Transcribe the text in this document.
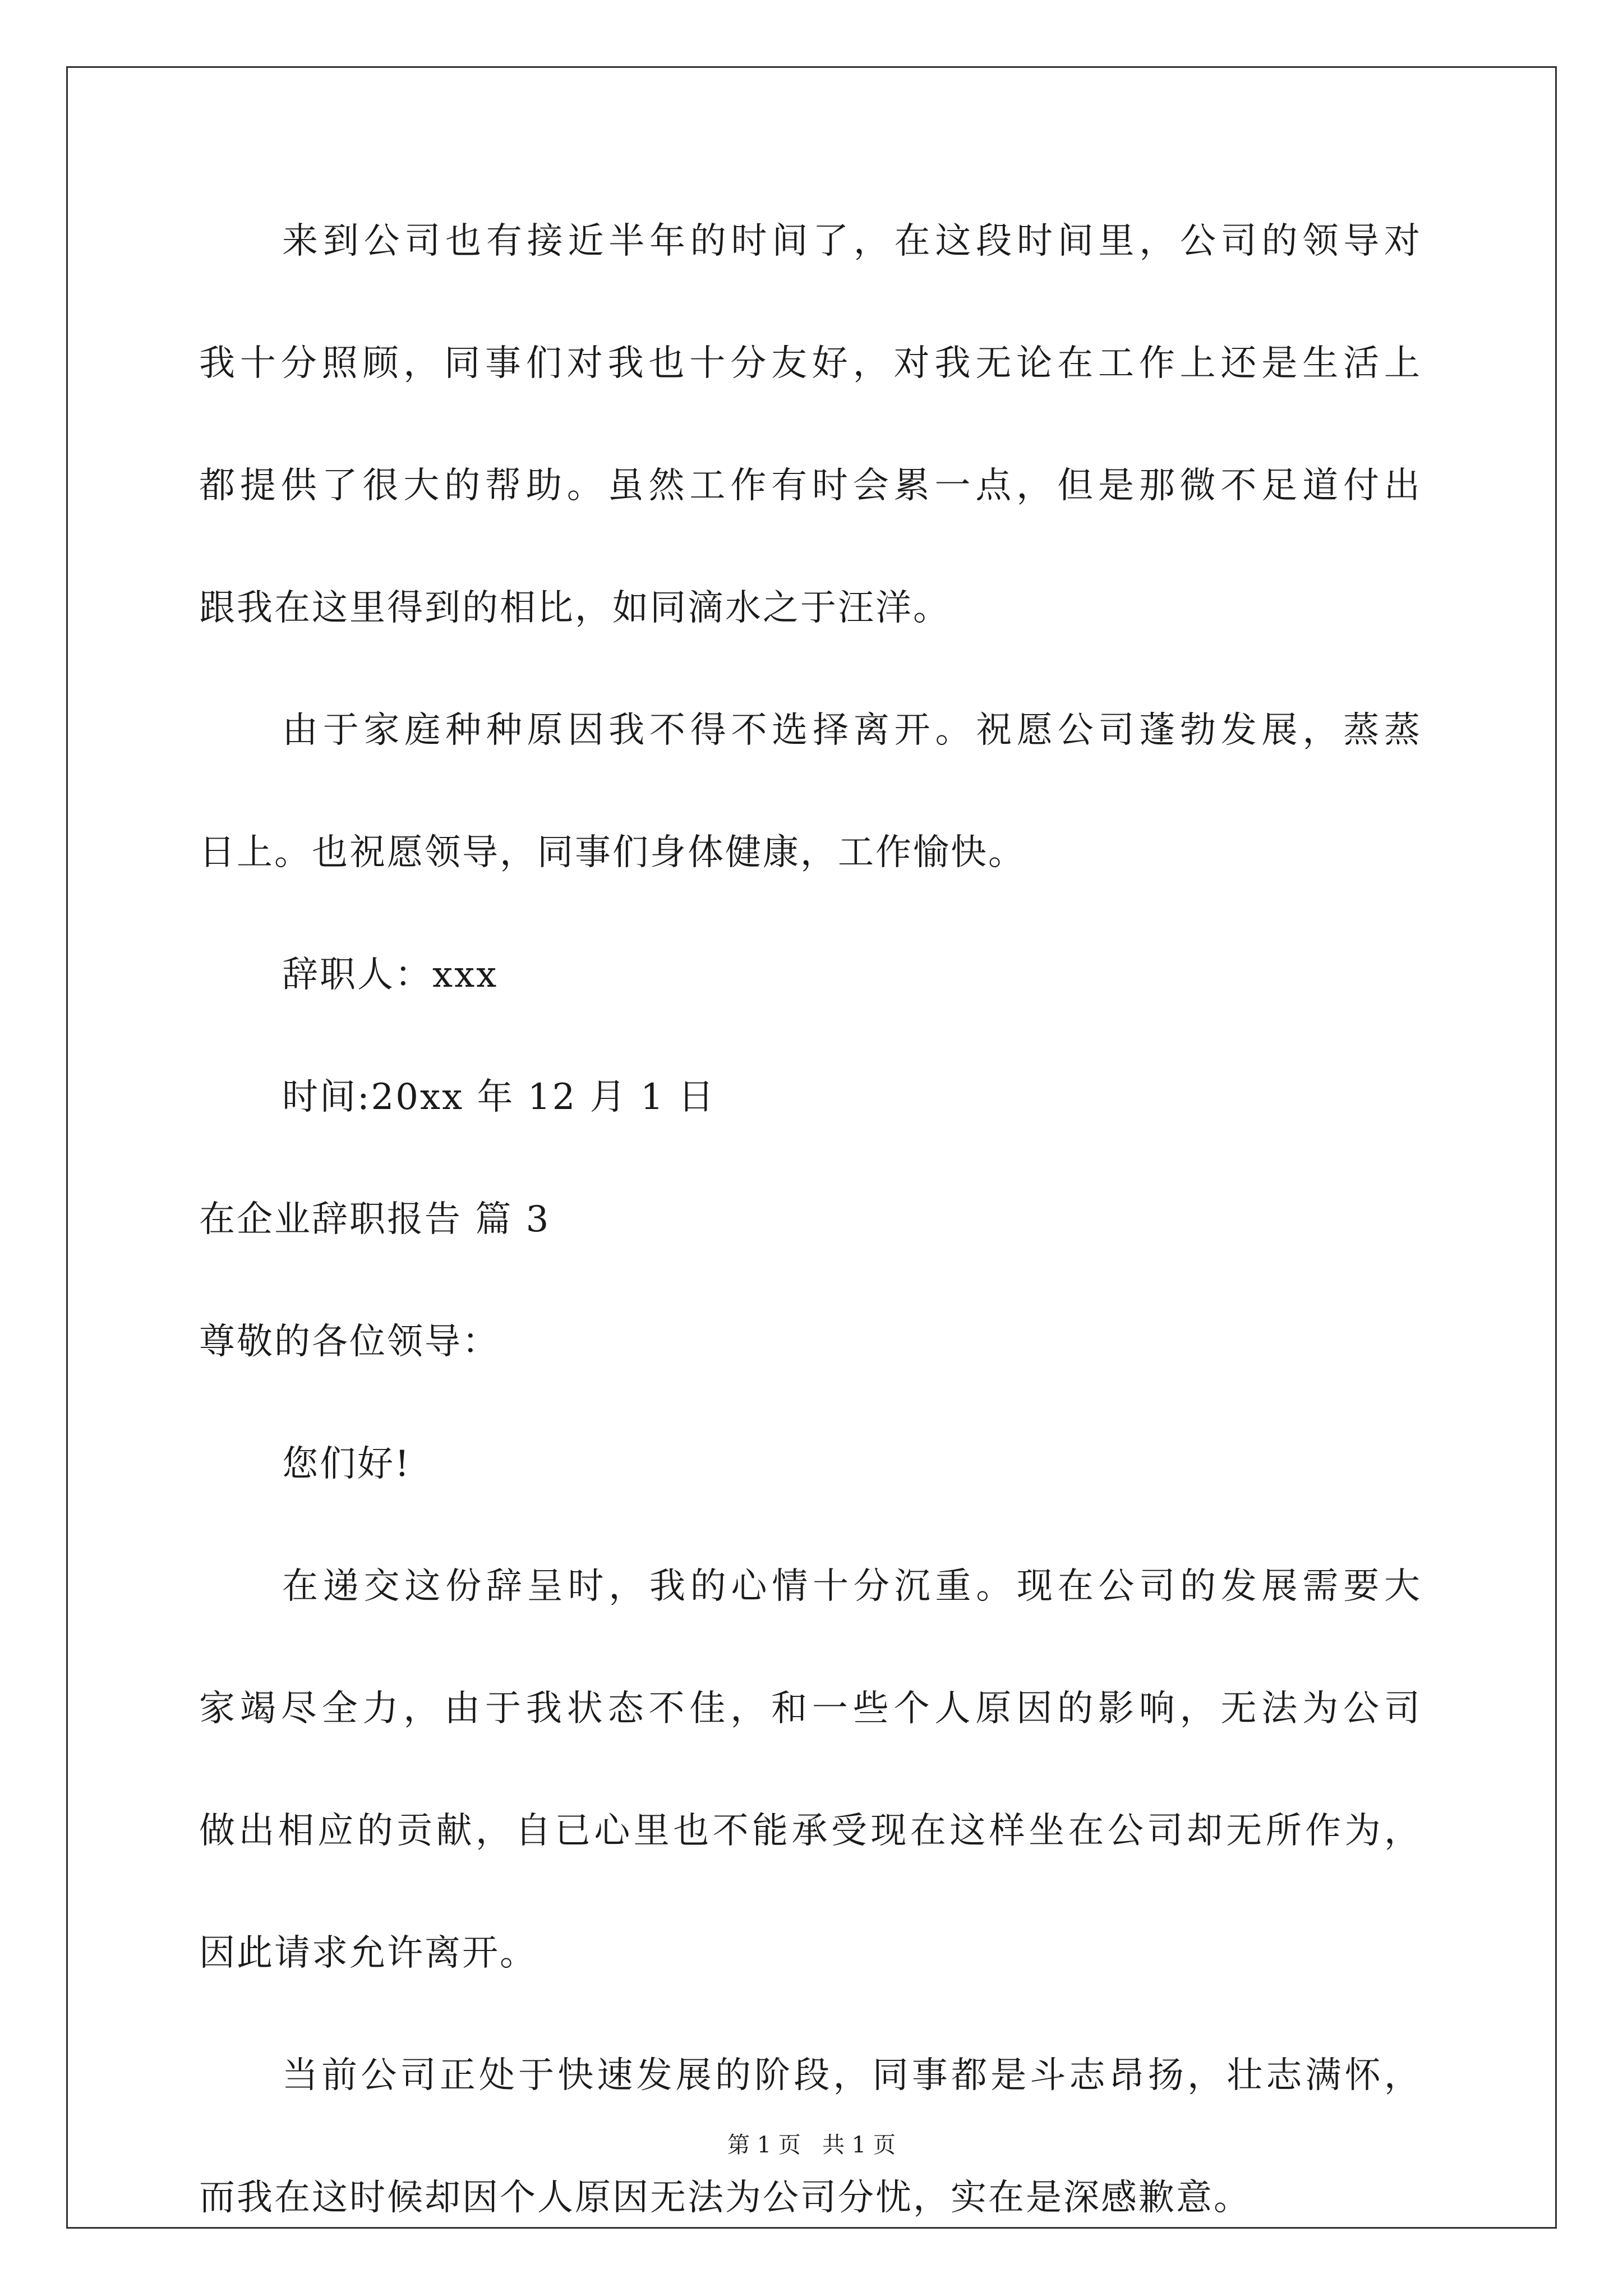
来到公司也有接近半年的时间了，在这段时间里，公司的领导对
我十分照顾，同事们对我也十分友好，对我无论在工作上还是生活上
都提供了很大的帮助。虽然工作有时会累一点，但是那微不足道付出
跟我在这里得到的相比，如同滴水之于汪洋。
由于家庭种种原因我不得不选择离开。祝愿公司蓬勃发展，蒸蒸
日上。也祝愿领导，同事们身体健康，工作愉快。
辞职人：xxx
时间:20xx 年 12 月 1 日
在企业辞职报告 篇 3
尊敬的各位领导：
您们好!
在递交这份辞呈时，我的心情十分沉重。现在公司的发展需要大
家竭尽全力，由于我状态不佳，和一些个人原因的影响，无法为公司
做出相应的贡献，自已心里也不能承受现在这样坐在公司却无所作为，
因此请求允许离开。
当前公司正处于快速发展的阶段，同事都是斗志昂扬，壮志满怀，
而我在这时候却因个人原因无法为公司分忧，实在是深感歉意。
第 1 页   共 1 页
